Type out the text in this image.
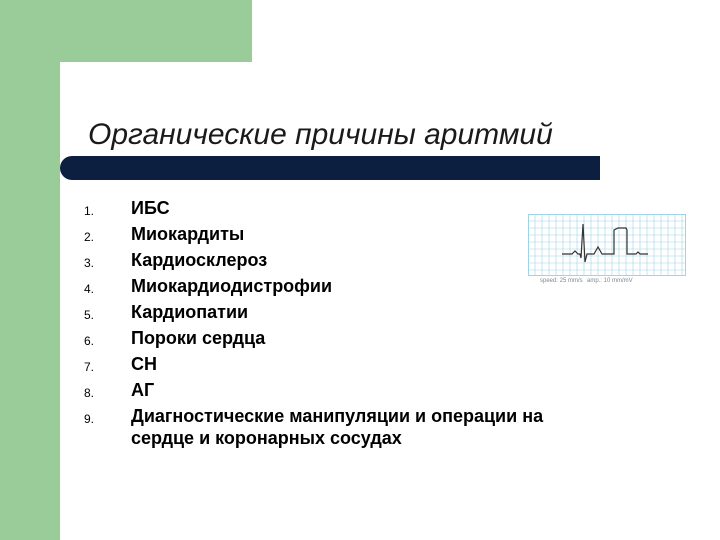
Органические причины аритмий
1. ИБС
2. Миокардиты
3. Кардиосклероз
4. Миокардиодистрофии
5. Кардиопатии
6. Пороки сердца
7. СН
8. АГ
9. Диагностические манипуляции и операции на сердце и коронарных сосудах
speed: 25 mm/s amp.: 10 mm/mV
